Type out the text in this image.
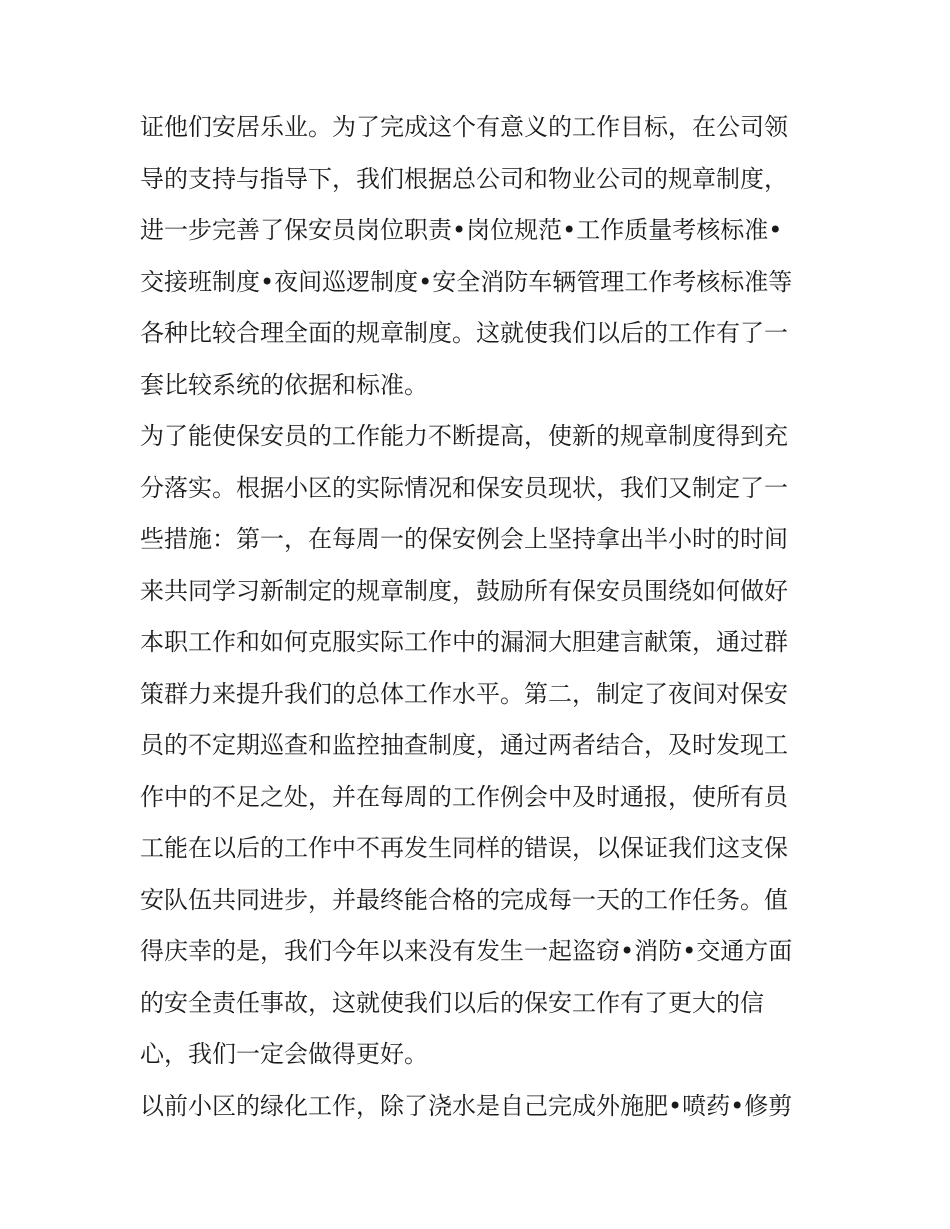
证他们安居乐业。为了完成这个有意义的工作目标，在公司领
导的支持与指导下，我们根据总公司和物业公司的规章制度，
进一步完善了保安员岗位职责•岗位规范•工作质量考核标准•
交接班制度•夜间巡逻制度•安全消防车辆管理工作考核标准等
各种比较合理全面的规章制度。这就使我们以后的工作有了一
套比较系统的依据和标准。
为了能使保安员的工作能力不断提高，使新的规章制度得到充
分落实。根据小区的实际情况和保安员现状，我们又制定了一
些措施：第一，在每周一的保安例会上坚持拿出半小时的时间
来共同学习新制定的规章制度，鼓励所有保安员围绕如何做好
本职工作和如何克服实际工作中的漏洞大胆建言献策，通过群
策群力来提升我们的总体工作水平。第二，制定了夜间对保安
员的不定期巡查和监控抽查制度，通过两者结合，及时发现工
作中的不足之处，并在每周的工作例会中及时通报，使所有员
工能在以后的工作中不再发生同样的错误，以保证我们这支保
安队伍共同进步，并最终能合格的完成每一天的工作任务。值
得庆幸的是，我们今年以来没有发生一起盗窃•消防•交通方面
的安全责任事故，这就使我们以后的保安工作有了更大的信
心，我们一定会做得更好。
以前小区的绿化工作，除了浇水是自己完成外施肥•喷药•修剪
